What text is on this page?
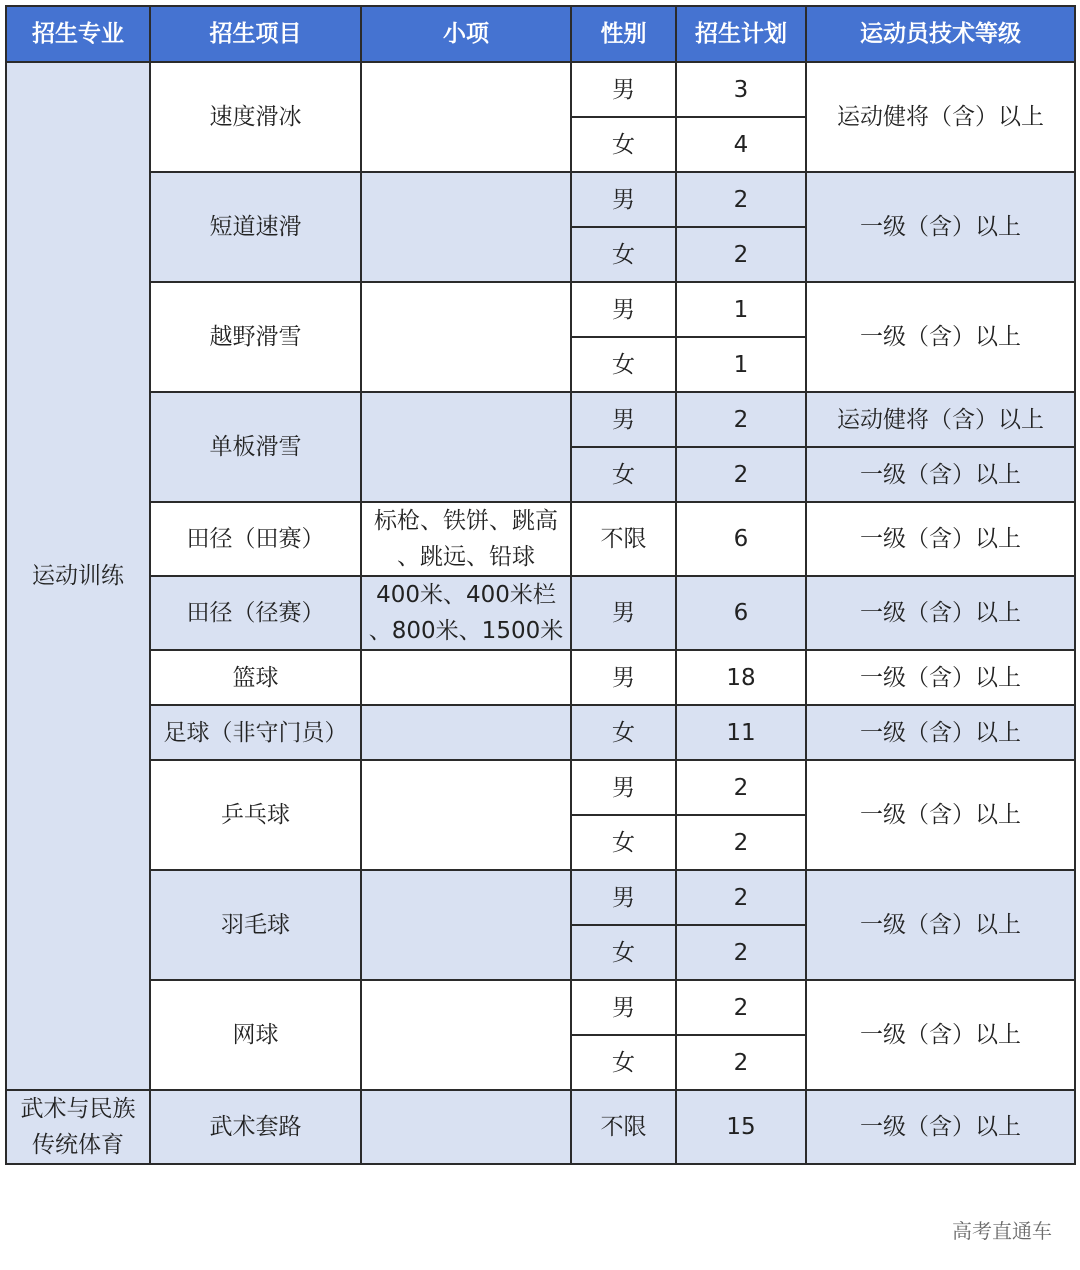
招生专业	招生项目	小项	性别	招生计划	运动员技术等级
运动训练	速度滑冰		男	3	运动健将（含）以上
			女	4	
	短道速滑		男	2	一级（含）以上
			女	2	
	越野滑雪		男	1	一级（含）以上
			女	1	
	单板滑雪		男	2	运动健将（含）以上
			女	2	一级（含）以上
	田径（田赛）	标枪、铁饼、跳高
、跳远、铅球	不限	6	一级（含）以上

	田径（径赛）	400米、400米栏
、800米、1500米	男	6	一级（含）以上

	篮球		男	18	一级（含）以上
	足球（非守门员）		女	11	一级（含）以上
	乒乓球		男	2	一级（含）以上
			女	2	
	羽毛球		男	2	一级（含）以上
			女	2	
	网球		男	2	一级（含）以上
			女	2	

武术与民族
传统体育	武术套路		不限	15	一级（含）以上

高考直通车
